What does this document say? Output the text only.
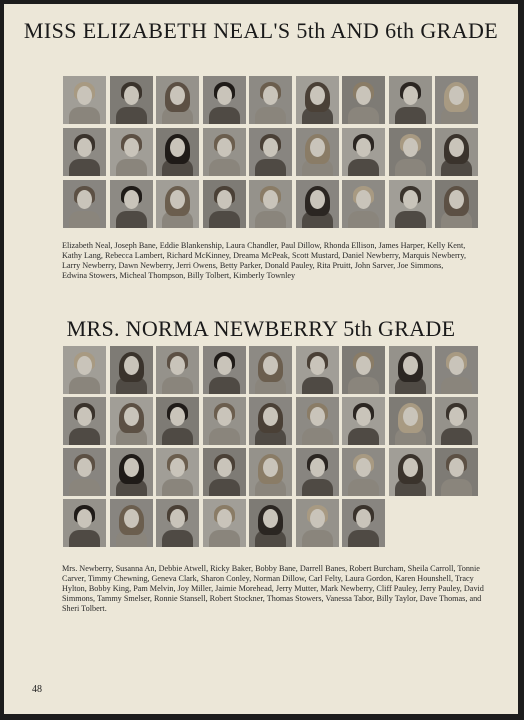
MISS ELIZABETH NEAL'S 5th AND 6th GRADE
Elizabeth Neal, Joseph Bane, Eddie Blankenship, Laura Chandler, Paul Dillow, Rhonda Ellison, James Harper, Kelly Kent, Kathy Lang, Rebecca Lambert, Richard McKinney, Dreama McPeak, Scott Mustard, Daniel Newberry, Marquis Newberry, Larry Newberry, Dawn Newberry, Jerri Owens, Betty Parker, Donald Pauley, Rita Pruitt, John Sarver, Joe Simmons, Edwina Stowers, Micheal Thompson, Billy Tolbert, Kimberly Townley
MRS. NORMA NEWBERRY 5th GRADE
Mrs. Newberry, Susanna An, Debbie Atwell, Ricky Baker, Bobby Bane, Darrell Banes, Robert Burcham, Sheila Carroll, Tonnie Carver, Timmy Chewning, Geneva Clark, Sharon Conley, Norman Dillow, Carl Felty, Laura Gordon, Karen Hounshell, Tracy Hylton, Bobby King, Pam Melvin, Joy Miller, Jaimie Morehead, Jerry Mutter, Mark Newberry, Cliff Pauley, Jerry Pauley, David Simmons, Tammy Smelser, Ronnie Stansell, Robert Stockner, Thomas Stowers, Vanessa Tabor, Billy Taylor, Dave Thomas, and Sheri Tolbert.
48
